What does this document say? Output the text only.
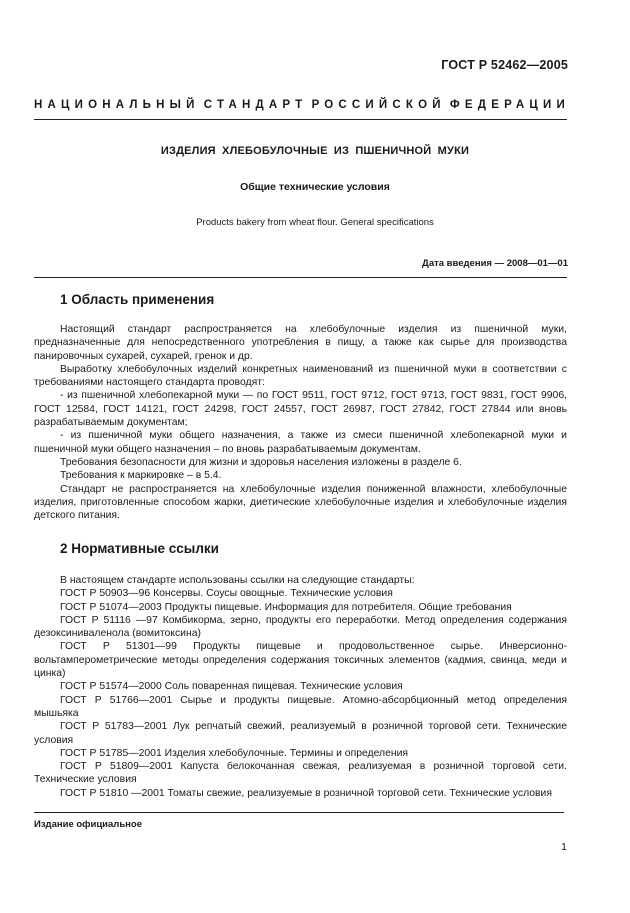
ГОСТ Р 52462—2005
НАЦИОНАЛЬНЫЙ СТАНДАРТ РОССИЙСКОЙ ФЕДЕРАЦИИ
ИЗДЕЛИЯ ХЛЕБОБУЛОЧНЫЕ ИЗ ПШЕНИЧНОЙ МУКИ
Общие технические условия
Products bakery from wheat flour. General specifications
Дата введения — 2008—01—01
1 Область применения

Настоящий стандарт распространяется на хлебобулочные изделия из пшеничной муки, предназначенные для непосредственного употребления в пищу, а также как сырье для производства панировочных сухарей, сухарей, гренок и др.

Выработку хлебобулочных изделий конкретных наименований из пшеничной муки в соответствии с требованиями настоящего стандарта проводят:

- из пшеничной хлебопекарной муки — по ГОСТ 9511, ГОСТ 9712, ГОСТ 9713, ГОСТ 9831, ГОСТ 9906, ГОСТ 12584, ГОСТ 14121, ГОСТ 24298, ГОСТ 24557, ГОСТ 26987, ГОСТ 27842, ГОСТ 27844 или вновь разрабатываемым документам;

- из пшеничной муки общего назначения, а также из смеси пшеничной хлебопекарной муки и пшеничной муки общего назначения – по вновь разрабатываемым документам.

Требования безопасности для жизни и здоровья населения изложены в разделе 6.

Требования к маркировке – в 5.4.

Стандарт не распространяется на хлебобулочные изделия пониженной влажности, хлебобулочные изделия, приготовленные способом жарки, диетические хлебобулочные изделия и хлебобулочные изделия детского питания.

2 Нормативные ссылки

В настоящем стандарте использованы ссылки на следующие стандарты:

ГОСТ Р 50903—96 Консервы. Соусы овощные. Технические условия

ГОСТ Р 51074—2003 Продукты пищевые. Информация для потребителя. Общие требования

ГОСТ Р 51116 —97 Комбикорма, зерно, продукты его переработки. Метод определения содержания дезоксиниваленола (вомитоксина)

ГОСТ Р 51301—99 Продукты пищевые и продовольственное сырье. Инверсионно-вольтамперометрические методы определения содержания токсичных элементов (кадмия, свинца, меди и цинка)

ГОСТ Р 51574—2000 Соль поваренная пищевая. Технические условия

ГОСТ Р 51766—2001 Сырье и продукты пищевые. Атомно-абсорбционный метод определения мышьяка

ГОСТ Р 51783—2001 Лук репчатый свежий, реализуемый в розничной торговой сети. Технические условия

ГОСТ Р 51785—2001 Изделия хлебобулочные. Термины и определения

ГОСТ Р 51809—2001 Капуста белокочанная свежая, реализуемая в розничной торговой сети. Технические условия

ГОСТ Р 51810 —2001 Томаты свежие, реализуемые в розничной торговой сети. Технические условия

Издание официальное
1
